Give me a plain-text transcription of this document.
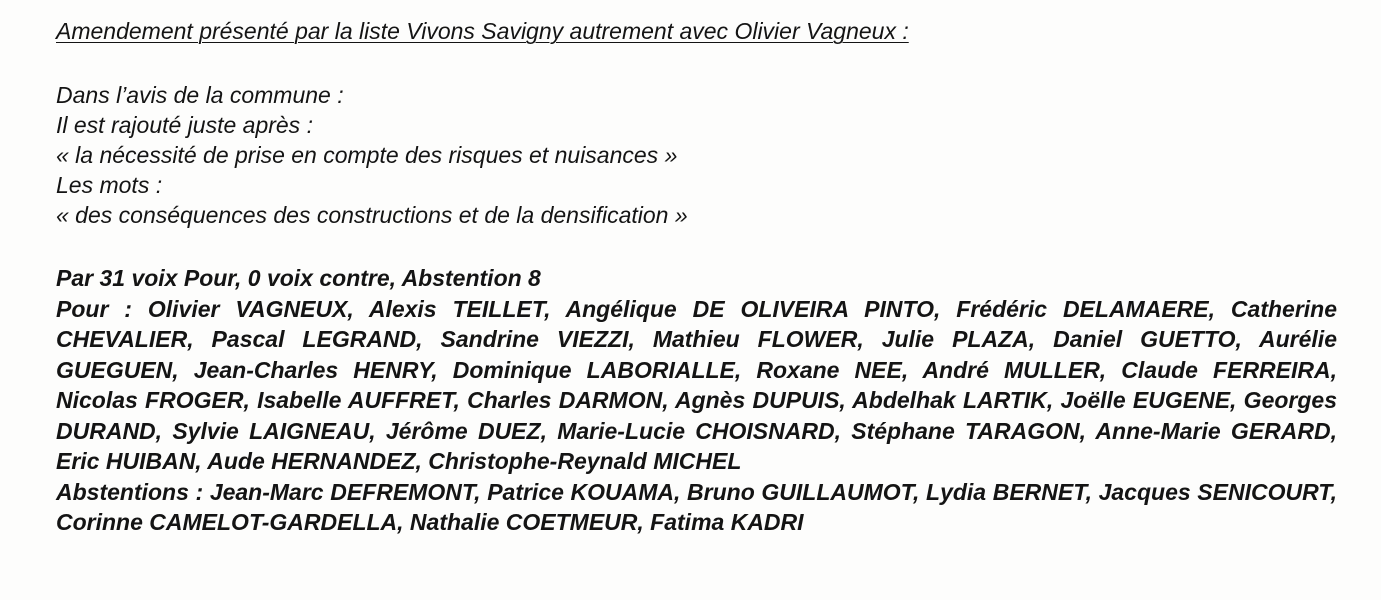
Amendement présenté par la liste Vivons Savigny autrement avec Olivier Vagneux :

Dans l’avis de la commune :

Il est rajouté juste après :

« la nécessité de prise en compte des risques et nuisances »

Les mots :

« des conséquences des constructions et de la densification »

Par 31 voix Pour, 0 voix contre, Abstention 8

Pour : Olivier VAGNEUX, Alexis TEILLET, Angélique DE OLIVEIRA PINTO, Frédéric DELAMAERE, Catherine CHEVALIER, Pascal LEGRAND, Sandrine VIEZZI, Mathieu FLOWER, Julie PLAZA, Daniel GUETTO, Aurélie GUEGUEN, Jean-Charles HENRY, Dominique LABORIALLE, Roxane NEE, André MULLER, Claude FERREIRA, Nicolas FROGER, Isabelle AUFFRET, Charles DARMON, Agnès DUPUIS, Abdelhak LARTIK, Joëlle EUGENE, Georges DURAND, Sylvie LAIGNEAU, Jérôme DUEZ, Marie-Lucie CHOISNARD, Stéphane TARAGON, Anne-Marie GERARD, Eric HUIBAN, Aude HERNANDEZ, Christophe-Reynald MICHEL

Abstentions : Jean-Marc DEFREMONT, Patrice KOUAMA, Bruno GUILLAUMOT, Lydia BERNET, Jacques SENICOURT, Corinne CAMELOT-GARDELLA, Nathalie COETMEUR, Fatima KADRI
